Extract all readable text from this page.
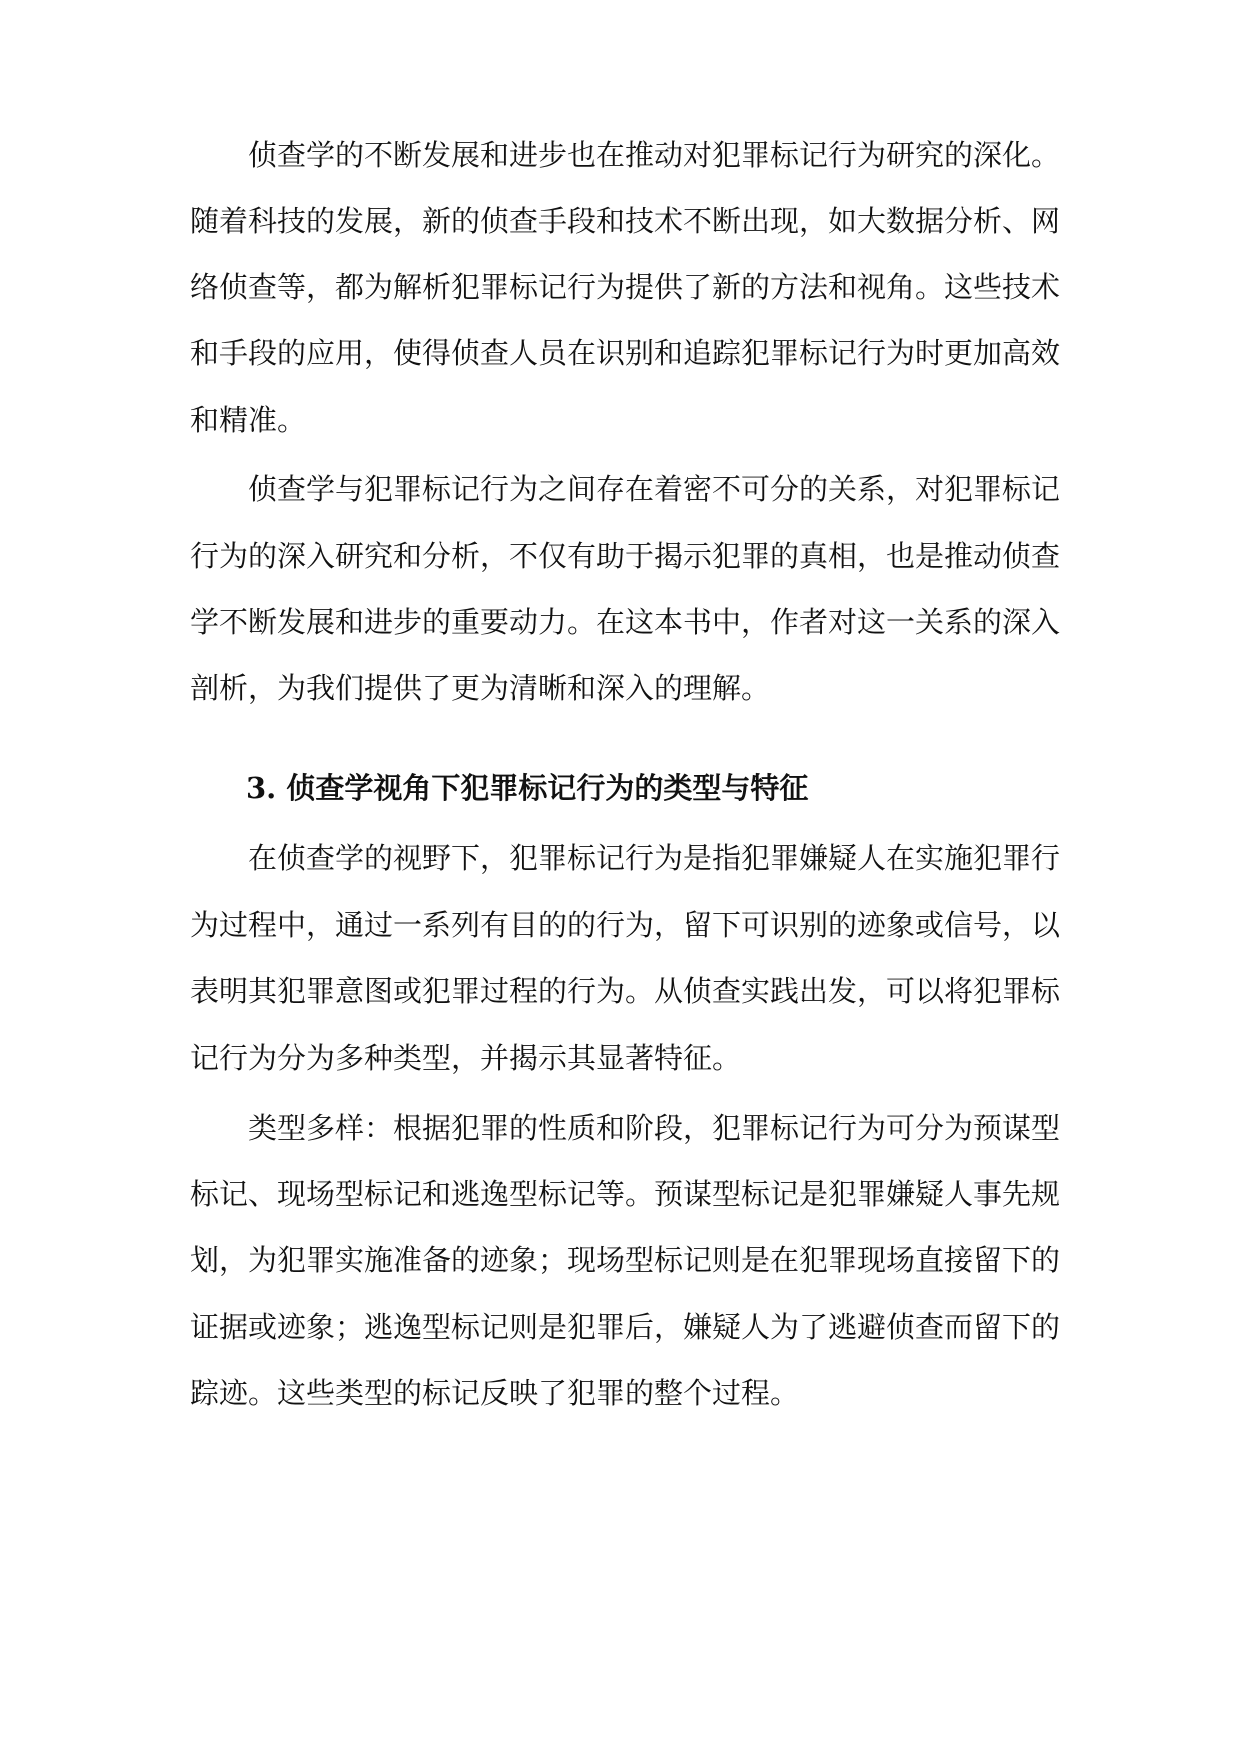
侦查学的不断发展和进步也在推动对犯罪标记行为研究的深化。
随着科技的发展，新的侦查手段和技术不断出现，如大数据分析、网
络侦查等，都为解析犯罪标记行为提供了新的方法和视角。这些技术
和手段的应用，使得侦查人员在识别和追踪犯罪标记行为时更加高效
和精准。
侦查学与犯罪标记行为之间存在着密不可分的关系，对犯罪标记
行为的深入研究和分析，不仅有助于揭示犯罪的真相，也是推动侦查
学不断发展和进步的重要动力。在这本书中，作者对这一关系的深入
剖析，为我们提供了更为清晰和深入的理解。
3. 侦查学视角下犯罪标记行为的类型与特征
在侦查学的视野下，犯罪标记行为是指犯罪嫌疑人在实施犯罪行
为过程中，通过一系列有目的的行为，留下可识别的迹象或信号，以
表明其犯罪意图或犯罪过程的行为。从侦查实践出发，可以将犯罪标
记行为分为多种类型，并揭示其显著特征。
类型多样：根据犯罪的性质和阶段，犯罪标记行为可分为预谋型
标记、现场型标记和逃逸型标记等。预谋型标记是犯罪嫌疑人事先规
划，为犯罪实施准备的迹象；现场型标记则是在犯罪现场直接留下的
证据或迹象；逃逸型标记则是犯罪后，嫌疑人为了逃避侦查而留下的
踪迹。这些类型的标记反映了犯罪的整个过程。
